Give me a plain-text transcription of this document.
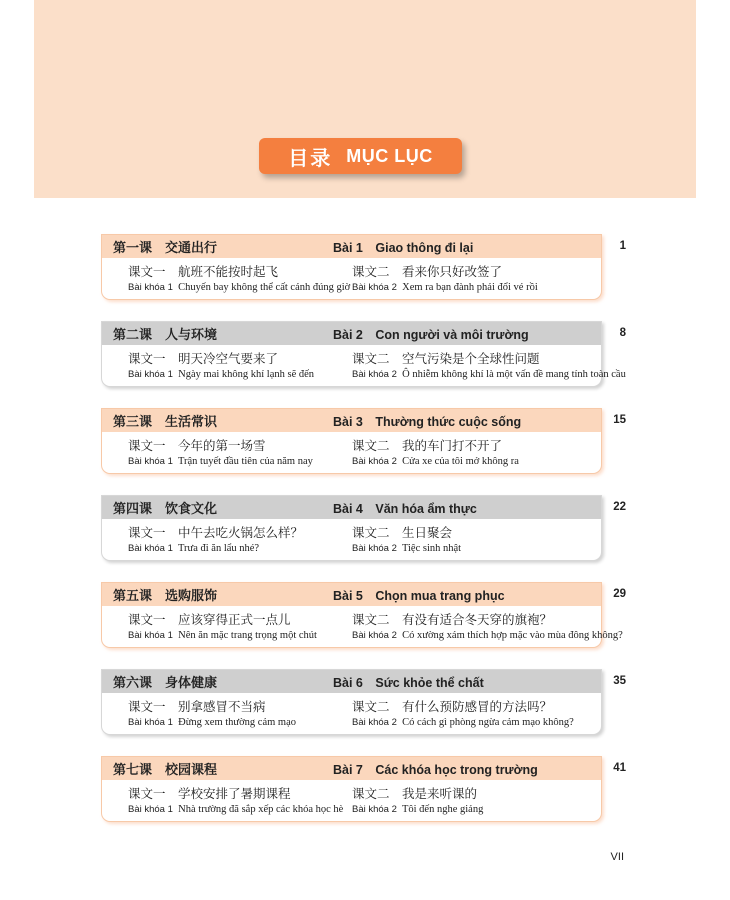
目录 MỤC LỤC
第一课　交通出行	Bài 1　Giao thông đi lại
课文一　 航班不能按时起飞	课文二　 看来你只好改签了
Bài khóa 1 Chuyến bay không thể cất cánh đúng giờ Bài khóa 2 Xem ra bạn đành phải đổi vé rồi
1
第二课　人与环境	Bài 2　Con người và môi trường
课文一　 明天冷空气要来了	课文二　 空气污染是个全球性问题
Bài khóa 1 Ngày mai không khí lạnh sẽ đến	Bài khóa 2 Ô nhiễm không khí là một vấn đề mang tính toàn cầu
8
第三课　生活常识	Bài 3　Thường thức cuộc sống
课文一　 今年的第一场雪	课文二　 我的车门打不开了
Bài khóa 1 Trận tuyết đầu tiên của năm nay	Bài khóa 2 Cửa xe của tôi mở không ra
15
第四课　饮食文化	Bài 4　Văn hóa ẩm thực
课文一　 中午去吃火锅怎么样？	课文二　 生日聚会
Bài khóa 1 Trưa đi ăn lẩu nhé?	Bài khóa 2 Tiệc sinh nhật
22
第五课　选购服饰	Bài 5　Chọn mua trang phục
课文一　 应该穿得正式一点儿	课文二　 有没有适合冬天穿的旗袍？
Bài khóa 1 Nên ăn mặc trang trọng một chút	Bài khóa 2 Có xường xám thích hợp mặc vào mùa đông không?
29
第六课　身体健康	Bài 6　Sức khỏe thể chất
课文一　 别拿感冒不当病	课文二　 有什么预防感冒的方法吗？
Bài khóa 1 Đừng xem thường cảm mạo	Bài khóa 2 Có cách gì phòng ngừa cảm mạo không?
35
第七课　校园课程	Bài 7　Các khóa học trong trường
课文一　 学校安排了暑期课程	课文二　 我是来听课的
Bài khóa 1 Nhà trường đã sắp xếp các khóa học hè Bài khóa 2 Tôi đến nghe giảng
41
VII
